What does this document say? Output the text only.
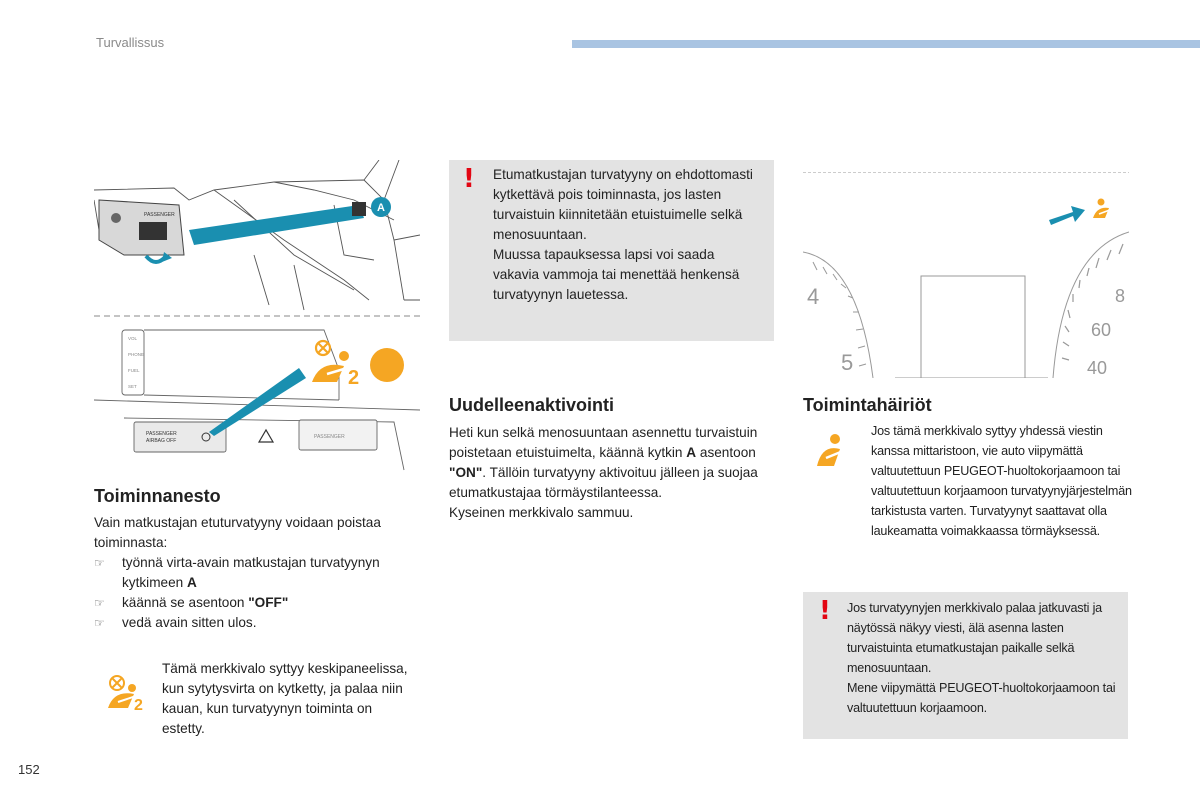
Turvallissus
PASSENGER
A
VOL
PHONE
FUEL
SET
PASSENGER
AIRBAG OFF
PASSENGER
2
Toiminnanesto

Vain matkustajan etuturvatyyny voidaan poistaa toiminnasta:

☞ työnnä virta-avain matkustajan turvatyynyn kytkimeen A
☞ käännä se asentoon "OFF"
☞ vedä avain sitten ulos.
2
Tämä merkkivalo syttyy keskipaneelissa, kun sytytysvirta on kytketty, ja palaa niin kauan, kun turvatyynyn toiminta on estetty.
! Etumatkustajan turvatyyny on ehdottomasti kytkettävä pois toiminnasta, jos lasten turvaistuin kiinnitetään etuistuimelle selkä menosuuntaan.

Muussa tapauksessa lapsi voi saada vakavia vammoja tai menettää henkensä turvatyynyn lauetessa.

Uudelleenaktivointi

Heti kun selkä menosuuntaan asennettu turvaistuin poistetaan etuistuimelta, käännä kytkin A asentoon "ON". Tällöin turvatyyny aktivoituu jälleen ja suojaa etumatkustajaa törmäystilanteessa.

Kyseinen merkkivalo sammuu.

4
5
8
60
40
Toimintahäiriöt
Jos tämä merkkivalo syttyy yhdessä viestin kanssa mittaristoon, vie auto viipymättä valtuutettuun PEUGEOT-huoltokorjaamoon tai valtuutettuun korjaamoon turvatyynyjärjestelmän tarkistusta varten. Turvatyynyt saattavat olla laukeamatta voimakkaassa törmäyksessä.
! Jos turvatyynyjen merkkivalo palaa jatkuvasti ja näytössä näkyy viesti, älä asenna lasten turvaistuinta etumatkustajan paikalle selkä menosuuntaan.

Mene viipymättä PEUGEOT-huoltokorjaamoon tai valtuutettuun korjaamoon.

152
